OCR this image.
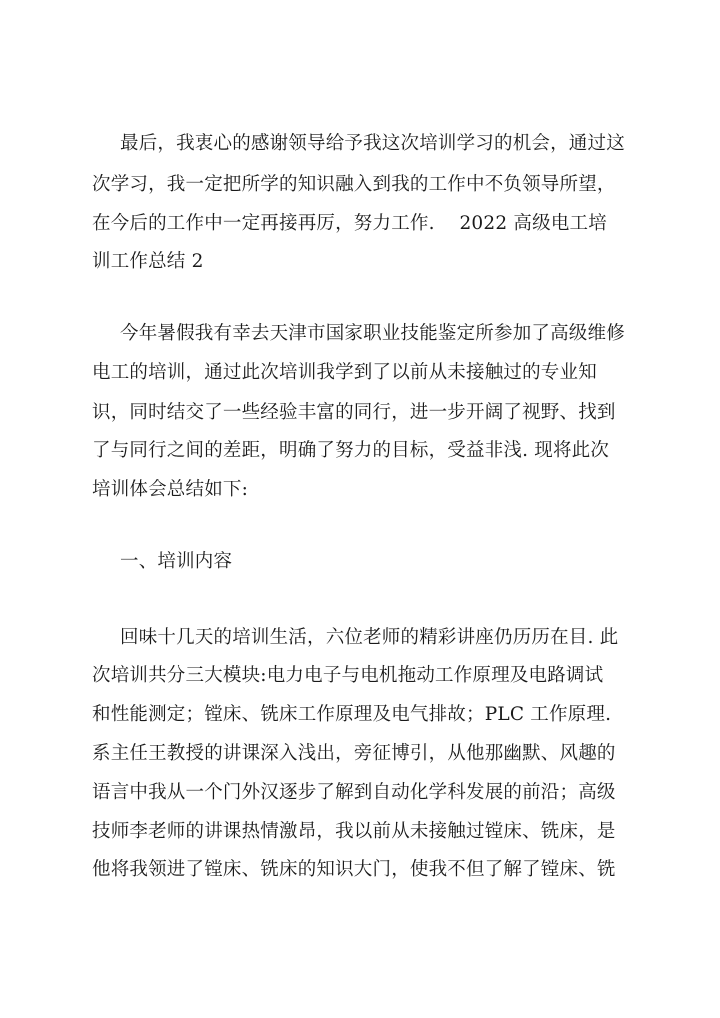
最后，我衷心的感谢领导给予我这次培训学习的机会，通过这
次学习，我一定把所学的知识融入到我的工作中不负领导所望，
在今后的工作中一定再接再厉，努力工作.　 2022 高级电工培
训工作总结 2
今年暑假我有幸去天津市国家职业技能鉴定所参加了高级维修
电工的培训，通过此次培训我学到了以前从未接触过的专业知
识，同时结交了一些经验丰富的同行，进一步开阔了视野、找到
了与同行之间的差距，明确了努力的目标，受益非浅. 现将此次
培训体会总结如下:
一、培训内容
回味十几天的培训生活，六位老师的精彩讲座仍历历在目. 此
次培训共分三大模块:电力电子与电机拖动工作原理及电路调试
和性能测定；镗床、铣床工作原理及电气排故；PLC 工作原理.
系主任王教授的讲课深入浅出，旁征博引，从他那幽默、风趣的
语言中我从一个门外汉逐步了解到自动化学科发展的前沿；高级
技师李老师的讲课热情激昂，我以前从未接触过镗床、铣床，是
他将我领进了镗床、铣床的知识大门，使我不但了解了镗床、铣
